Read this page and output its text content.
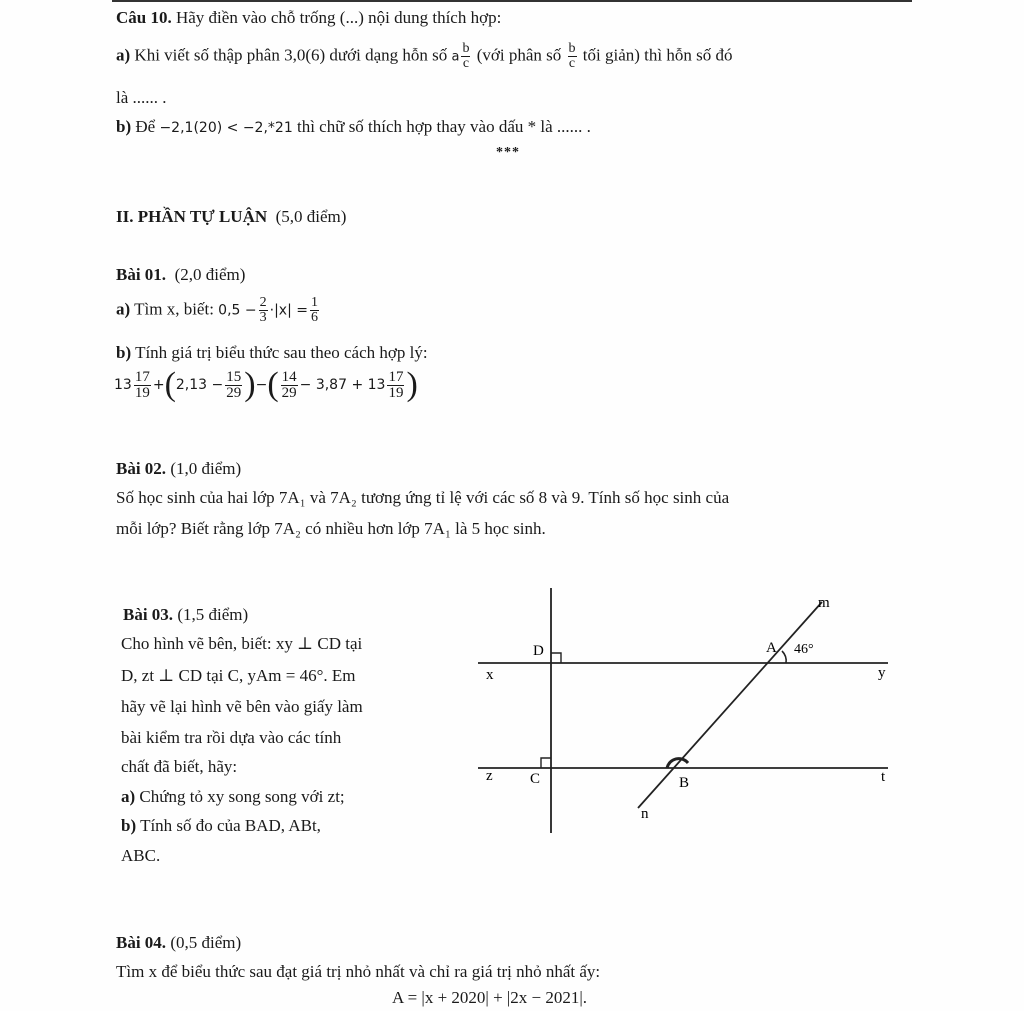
Câu 10. Hãy điền vào chỗ trống (...) nội dung thích hợp:
a) Khi viết số thập phân 3,0(6) dưới dạng hỗn số a $\frac{b}{c}$ (với phân số $\frac{b}{c}$ tối giản) thì hỗn số đó
là ...... .
b) Để −2,1(20) < −2,*21 thì chữ số thích hợp thay vào dấu * là ...... .
***
II. PHẦN TỰ LUẬN (5,0 điểm)
Bài 01. (2,0 điểm)
a) Tìm x, biết: $0,5 - \frac{2}{3} \cdot|x| = \frac{1}{6}$
b) Tính giá trị biểu thức sau theo cách hợp lý:
$13 \frac{17}{19} +(2,13 - \frac{15}{29}$ )−( $\frac{14}{29} - 3,87 + 13 \frac{17}{19}$ )
Bài 02. (1,0 điểm)
Số học sinh của hai lớp 7A₁ và 7A₂ tương ứng tỉ lệ với các số 8 và 9. Tính số học sinh của
mỗi lớp? Biết rằng lớp 7A₂ có nhiều hơn lớp 7A₁ là 5 học sinh.
Bài 03. (1,5 điểm)
Cho hình vẽ bên, biết: xy ⊥ CD tại
D, zt ⊥ CD tại C, yAm = 46°. Em
hãy vẽ lại hình vẽ bên vào giấy làm
bài kiểm tra rồi dựa vào các tính
chất đã biết, hãy:
a) Chứng tỏ xy song song với zt;
b) Tính số đo của BAD, ABt,
ABC.
m
D	A 46°
x	y
z C	B	t
n
Bài 04. (0,5 điểm)
Tìm x để biểu thức sau đạt giá trị nhỏ nhất và chỉ ra giá trị nhỏ nhất ấy:
A = |x + 2020| + |2x − 2021|.
